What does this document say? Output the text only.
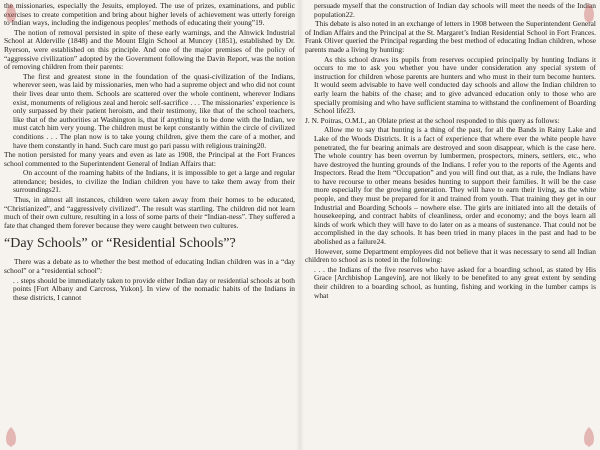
the missionaries, especially the Jesuits, employed. The use of prizes, examinations, and public exercises to create competition and bring about higher levels of achievement was utterly foreign to Indian ways, including the indigenous peoples’ methods of educating their young”19.

The notion of removal persisted in spite of these early warnings, and the Alnwick Industrial School at Alderville (1848) and the Mount Elgin School at Muncey (1851), established by Dr. Ryerson, were established on this principle. And one of the major premises of the policy of “aggressive civilization” adopted by the Government following the Davin Report, was the notion of removing children from their parents:

The first and greatest stone in the foundation of the quasi-civilization of the Indians, wherever seen, was laid by missionaries, men who had a supreme object and who did not count their lives dear unto them. Schools are scattered over the whole continent, wherever Indians exist, monuments of religious zeal and heroic self-sacrifice . . . The missionaries’ experience is only surpassed by their patient heroism, and their testimony, like that of the school teachers, like that of the authorities at Washington is, that if anything is to be done with the Indian, we must catch him very young. The children must be kept constantly within the circle of civilized conditions . . . The plan now is to take young children, give them the care of a mother, and have them constantly in hand. Such care must go pari passu with religious training20.

The notion persisted for many years and even as late as 1908, the Principal at the Fort Frances school commented to the Superintendent General of Indian Affairs that:

On account of the roaming habits of the Indians, it is impossible to get a large and regular attendance; besides, to civilize the Indian children you have to take them away from their surroundings21.

Thus, in almost all instances, children were taken away from their homes to be educated, “Christianized”, and “aggressively civilized”. The result was startling. The children did not learn much of their own culture, resulting in a loss of some parts of their “Indian-ness”. They suffered a fate that changed them forever because they were caught between two cultures.

“Day Schools” or “Residential Schools”?

There was a debate as to whether the best method of educating Indian children was in a “day school” or a “residential school”:

. . steps should be immediately taken to provide either Indian day or residential schools at both points [Fort Albany and Carcross, Yukon]. In view of the nomadic habits of the Indians in these districts, I cannot

persuade myself that the construction of Indian day schools will meet the needs of the Indian population22.

This debate is also noted in an exchange of letters in 1908 between the Superintendent General of Indian Affairs and the Principal at the St. Margaret’s Indian Residential School in Fort Frances. Frank Oliver queried the Principal regarding the best method of educating Indian children, whose parents made a living by hunting:

As this school draws its pupils from reserves occupied principally by hunting Indians it occurs to me to ask you whether you have under consideration any special system of instruction for children whose parents are hunters and who must in their turn become hunters. It would seem advisable to have well conducted day schools and allow the Indian children to early learn the habits of the chase; and to give advanced education only to those who are specially promising and who have sufficient stamina to withstand the confinement of Boarding School life23.

J. N. Poitras, O.M.I., an Oblate priest at the school responded to this query as follows:

Allow me to say that hunting is a thing of the past, for all the Bands in Rainy Lake and Lake of the Woods Districts. It is a fact of experience that where ever the white people have penetrated, the fur bearing animals are destroyed and soon disappear, which is the case here. The whole country has been overrun by lumbermen, prospectors, miners, settlers, etc., who have destroyed the hunting grounds of the Indians. I refer you to the reports of the Agents and Inspectors. Read the Item “Occupation” and you will find out that, as a rule, the Indians have to have recourse to other means besides hunting to support their families. It will be the case more especially for the growing generation. They will have to earn their living, as the white people, and they must be prepared for it and trained from youth. That training they get in our Industrial and Boarding Schools – nowhere else. The girls are initiated into all the details of housekeeping, and contract habits of cleanliness, order and economy; and the boys learn all kinds of work which they will have to do later on as a means of sustenance. That could not be accomplished in the day schools. It has been tried in many places in the past and had to be abolished as a failure24.

However, some Department employees did not believe that it was necessary to send all Indian children to school as is noted in the following:

. . . the Indians of the five reserves who have asked for a boarding school, as stated by His Grace [Archbishop Langevin], are not likely to be benefited to any great extent by sending their children to a boarding school, as hunting, fishing and working in the lumber camps is what
